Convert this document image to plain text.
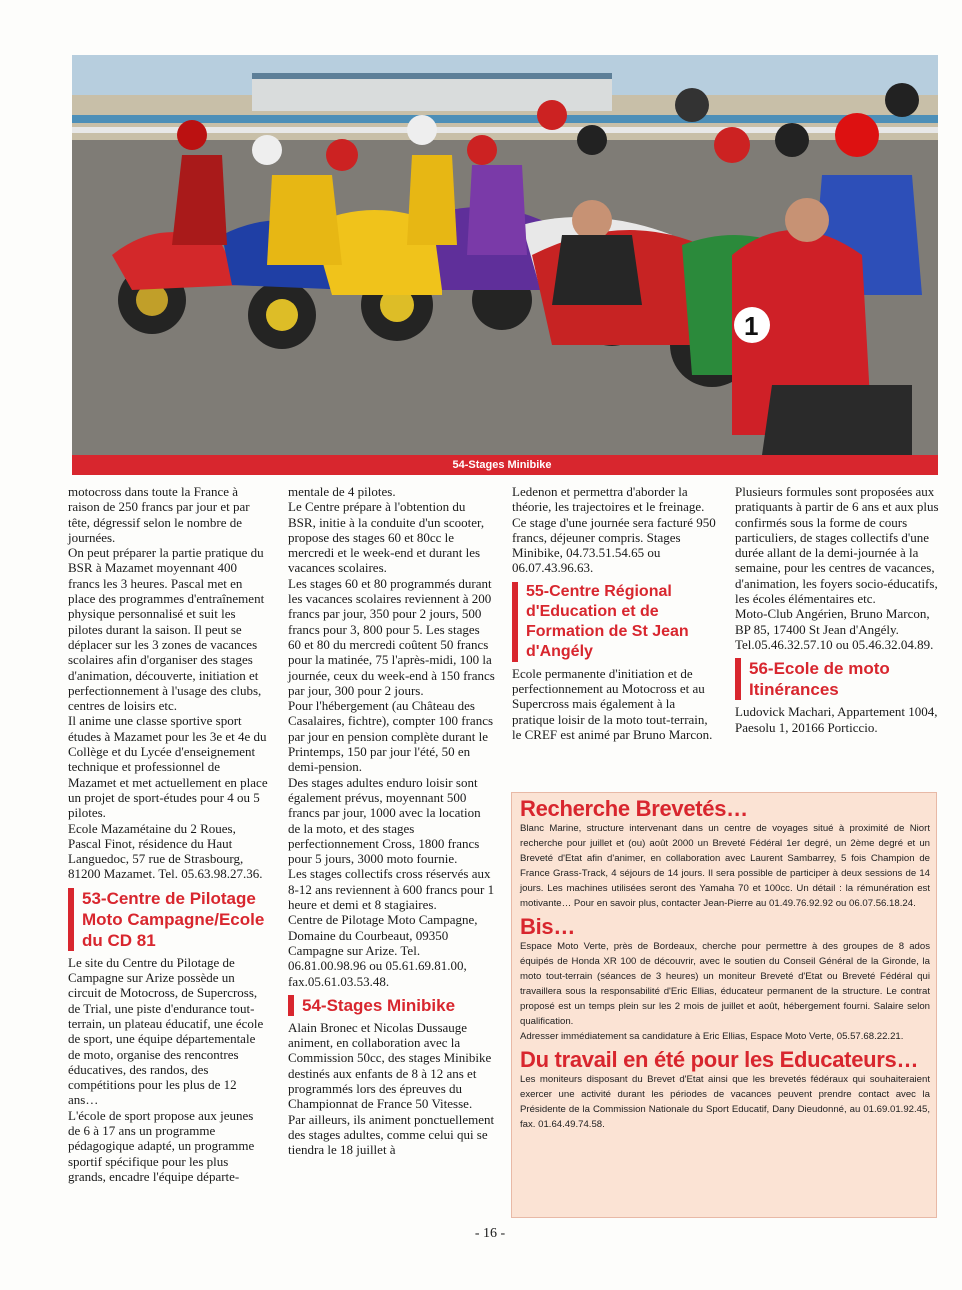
1
54-Stages Minibike

motocross dans toute la France à raison de 250 francs par jour et par tête, dégressif selon le nombre de journées.

On peut préparer la partie pratique du BSR à Mazamet moyennant 400 francs les 3 heures. Pascal met en place des programmes d'entraînement physique personnalisé et suit les pilotes durant la saison. Il peut se déplacer sur les 3 zones de vacances scolaires afin d'organiser des stages d'animation, découverte, initiation et perfectionnement à l'usage des clubs, centres de loisirs etc.

Il anime une classe sportive sport études à Mazamet pour les 3e et 4e du Collège et du Lycée d'enseignement technique et professionnel de Mazamet et met actuellement en place un projet de sport-études pour 4 ou 5 pilotes.

Ecole Mazamétaine du 2 Roues, Pascal Finot, résidence du Haut Languedoc, 57 rue de Strasbourg, 81200 Mazamet. Tel. 05.63.98.27.36.

53-Centre de Pilotage Moto Campagne/Ecole du CD 81

Le site du Centre du Pilotage de Campagne sur Arize possède un circuit de Motocross, de Supercross, de Trial, une piste d'endurance tout-terrain, un plateau éducatif, une école de sport, une équipe départementale de moto, organise des rencontres éducatives, des randos, des compétitions pour les plus de 12 ans…

L'école de sport propose aux jeunes de 6 à 17 ans un programme pédagogique adapté, un programme sportif spécifique pour les plus grands, encadre l'équipe départe-

mentale de 4 pilotes.

Le Centre prépare à l'obtention du BSR, initie à la conduite d'un scooter, propose des stages 60 et 80cc le mercredi et le week-end et durant les vacances scolaires.

Les stages 60 et 80 programmés durant les vacances scolaires reviennent à 200 francs par jour, 350 pour 2 jours, 500 francs pour 3, 800 pour 5. Les stages 60 et 80 du mercredi coûtent 50 francs pour la matinée, 75 l'après-midi, 100 la journée, ceux du week-end à 150 francs par jour, 300 pour 2 jours.

Pour l'hébergement (au Château des Casalaires, fichtre), compter 100 francs par jour en pension complète durant le Printemps, 150 par jour l'été, 50 en demi-pension.

Des stages adultes enduro loisir sont également prévus, moyennant 500 francs par jour, 1000 avec la location de la moto, et des stages perfectionnement Cross, 1800 francs pour 5 jours, 3000 moto fournie.

Les stages collectifs cross réservés aux 8-12 ans reviennent à 600 francs pour 1 heure et demi et 8 stagiaires.

Centre de Pilotage Moto Campagne, Domaine du Courbeaut, 09350 Campagne sur Arize. Tel. 06.81.00.98.96 ou 05.61.69.81.00, fax.05.61.03.53.48.

54-Stages Minibike

Alain Bronec et Nicolas Dussauge animent, en collaboration avec la Commission 50cc, des stages Minibike destinés aux enfants de 8 à 12 ans et programmés lors des épreuves du Championnat de France 50 Vitesse.

Par ailleurs, ils animent ponctuellement des stages adultes, comme celui qui se tiendra le 18 juillet à

Ledenon et permettra d'aborder la théorie, les trajectoires et le freinage. Ce stage d'une journée sera facturé 950 francs, déjeuner compris. Stages Minibike, 04.73.51.54.65 ou 06.07.43.96.63.

55-Centre Régional d'Education et de Formation de St Jean d'Angély

Ecole permanente d'initiation et de perfectionnement au Motocross et au Supercross mais également à la pratique loisir de la moto tout-terrain, le CREF est animé par Bruno Marcon.

Plusieurs formules sont proposées aux pratiquants à partir de 6 ans et aux plus confirmés sous la forme de cours particuliers, de stages collectifs d'une durée allant de la demi-journée à la semaine, pour les centres de vacances, d'animation, les foyers socio-éducatifs, les écoles élémentaires etc.

Moto-Club Angérien, Bruno Marcon, BP 85, 17400 St Jean d'Angély. Tel.05.46.32.57.10 ou 05.46.32.04.89.

56-Ecole de moto Itinérances

Ludovick Machari, Appartement 1004, Paesolu 1, 20166 Porticcio.

Recherche Brevetés…

Blanc Marine, structure intervenant dans un centre de voyages situé à proximité de Niort recherche pour juillet et (ou) août 2000 un Breveté Fédéral 1er degré, un 2ème degré et un Breveté d'Etat afin d'animer, en collaboration avec Laurent Sambarrey, 5 fois Champion de France Grass-Track, 4 séjours de 14 jours. Il sera possible de participer à deux sessions de 14 jours. Les machines utilisées seront des Yamaha 70 et 100cc. Un détail : la rémunération est motivante… Pour en savoir plus, contacter Jean-Pierre au 01.49.76.92.92 ou 06.07.56.18.24.

Bis…

Espace Moto Verte, près de Bordeaux, cherche pour permettre à des groupes de 8 ados équipés de Honda XR 100 de découvrir, avec le soutien du Conseil Général de la Gironde, la moto tout-terrain (séances de 3 heures) un moniteur Breveté d'Etat ou Breveté Fédéral qui travaillera sous la responsabilité d'Eric Ellias, éducateur permanent de la structure. Le contrat proposé est un temps plein sur les 2 mois de juillet et août, hébergement fourni. Salaire selon qualification.

Adresser immédiatement sa candidature à Eric Ellias, Espace Moto Verte, 05.57.68.22.21.

Du travail en été pour les Educateurs…

Les moniteurs disposant du Brevet d'Etat ainsi que les brevetés fédéraux qui souhaiteraient exercer une activité durant les périodes de vacances peuvent prendre contact avec la Présidente de la Commission Nationale du Sport Educatif, Dany Dieudonné, au 01.69.01.92.45, fax. 01.64.49.74.58.

- 16 -
